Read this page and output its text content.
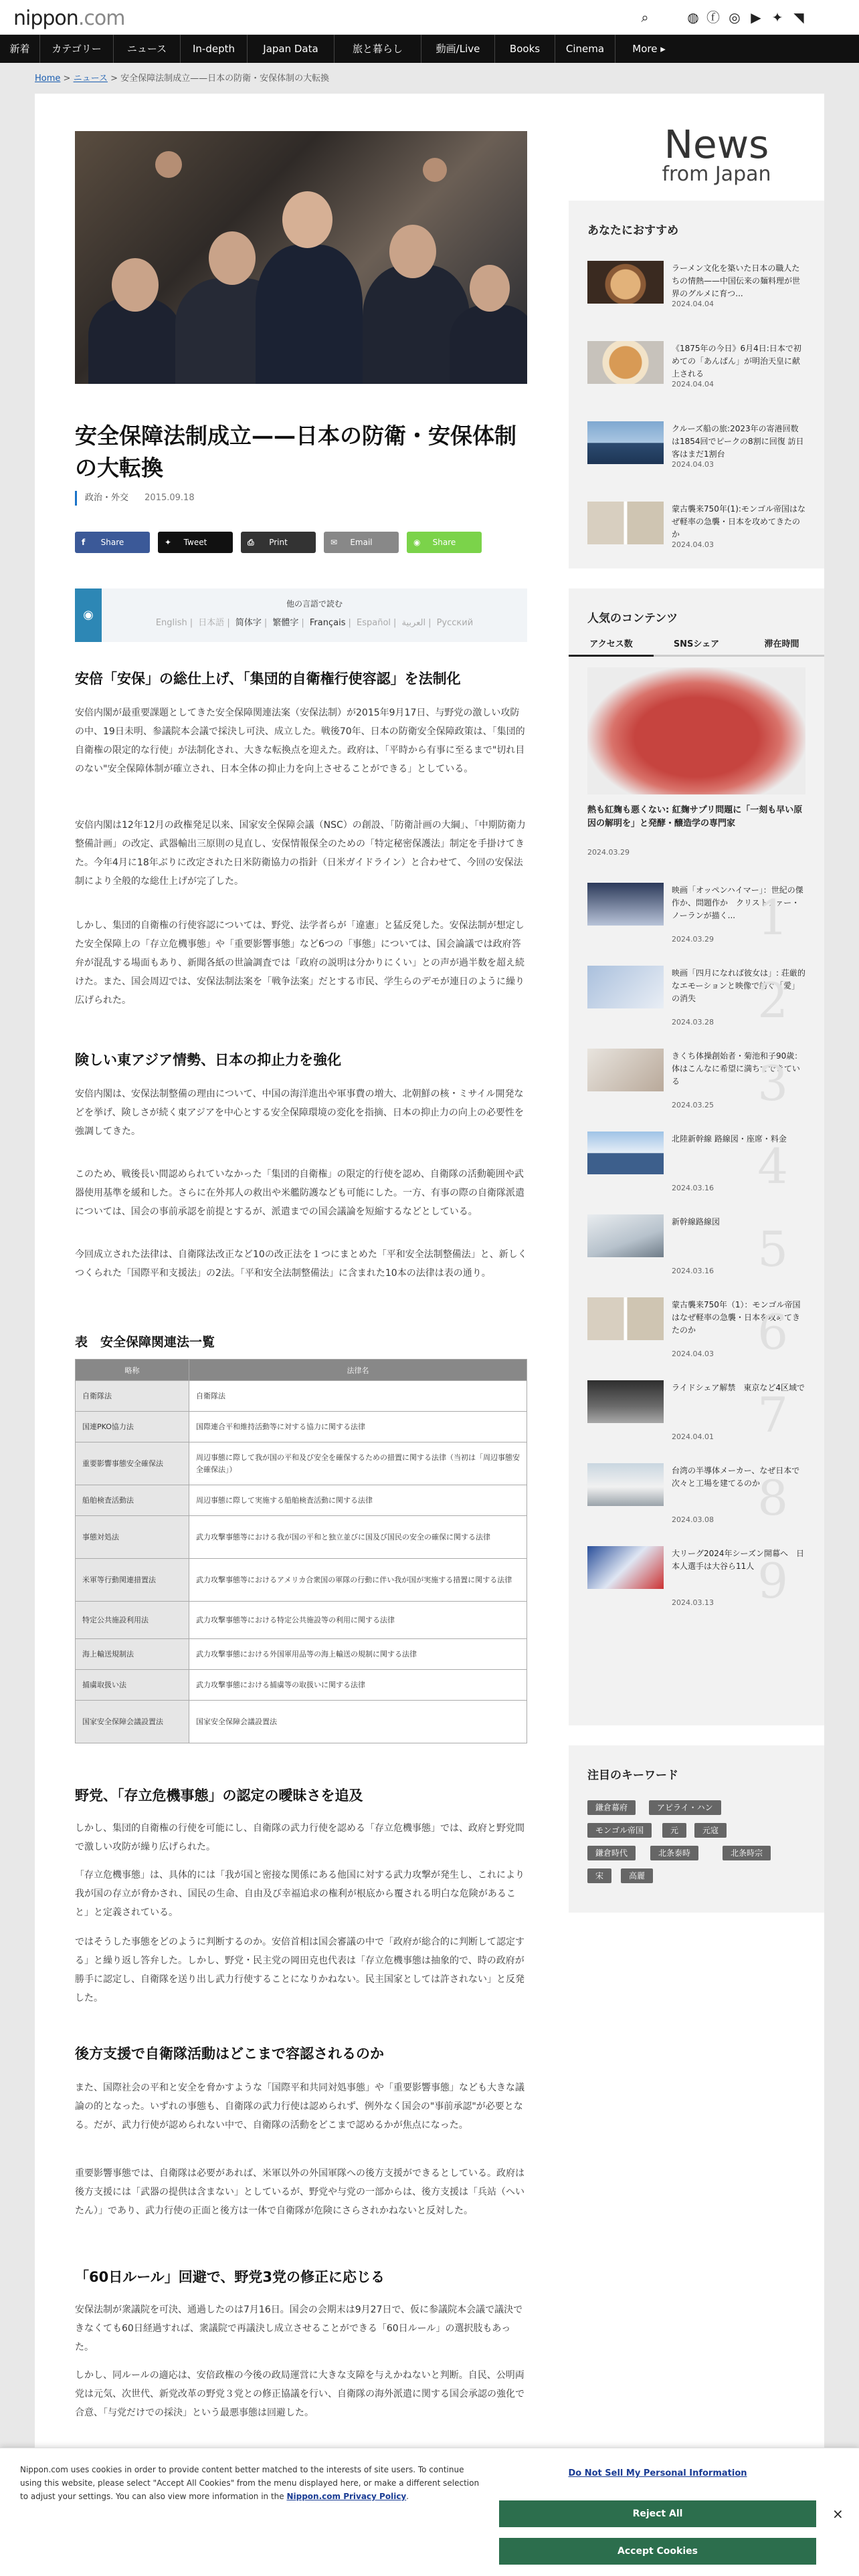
nippon.com	⌕	◍ ⓕ ◎ ▶ ✦ ◥
新着	カテゴリー	ニュース	In-depth	Japan Data	旅と暮らし	動画/Live	Books	Cinema	More ▸
Home > ニュース > 安全保障法制成立——日本の防衛・安保体制の大転換
安全保障法制成立——日本の防衛・安保体制の大転換
政治・外交 2015.09.18
f Share	✦ Tweet	⎙ Print	✉ Email	◉ Share
◉
他の言語で読む
English | 日本語 | 简体字 | 繁體字 | Français | Español | العربية | Русский
安倍「安保」の総仕上げ、「集団的自衛権行使容認」を法制化
安倍内閣が最重要課題としてきた安全保障関連法案（安保法制）が2015年9月17日、与野党の激しい攻防の中、19日未明、参議院本会議で採決し可決、成立した。戦後70年、日本の防衛安全保障政策は、「集団的自衛権の限定的な行使」が法制化され、大きな転換点を迎えた。政府は、「平時から有事に至るまで"切れ目のない"安全保障体制が確立され、日本全体の抑止力を向上させることができる」としている。
安倍内閣は12年12月の政権発足以来、国家安全保障会議（NSC）の創設、「防衛計画の大綱」、「中期防衛力整備計画」の改定、武器輸出三原則の見直し、安保情報保全のための「特定秘密保護法」制定を手掛けてきた。今年4月に18年ぶりに改定された日米防衛協力の指針（日米ガイドライン）と合わせて、今回の安保法制により全般的な総仕上げが完了した。
しかし、集団的自衛権の行使容認については、野党、法学者らが「違憲」と猛反発した。安保法制が想定した安全保障上の「存立危機事態」や「重要影響事態」など6つの「事態」については、国会論議では政府答弁が混乱する場面もあり、新聞各紙の世論調査では「政府の説明は分かりにくい」との声が過半数を超え続けた。また、国会周辺では、安保法制法案を「戦争法案」だとする市民、学生らのデモが連日のように繰り広げられた。
険しい東アジア情勢、日本の抑止力を強化
安倍内閣は、安保法制整備の理由について、中国の海洋進出や軍事費の増大、北朝鮮の核・ミサイル開発などを挙げ、険しさが続く東アジアを中心とする安全保障環境の変化を指摘、日本の抑止力の向上の必要性を強調してきた。
このため、戦後長い間認められていなかった「集団的自衛権」の限定的行使を認め、自衛隊の活動範囲や武器使用基準を緩和した。さらに在外邦人の救出や米艦防護なども可能にした。一方、有事の際の自衛隊派遣については、国会の事前承認を前提とするが、派遣までの国会議論を短縮するなどとしている。
今回成立された法律は、自衛隊法改正など10の改正法を１つにまとめた「平和安全法制整備法」と、新しくつくられた「国際平和支援法」の2法。「平和安全法制整備法」に含まれた10本の法律は表の通り。
表　安全保障関連法一覧
略称	法律名
自衛隊法	自衛隊法
国連PKO協力法	国際連合平和維持活動等に対する協力に関する法律
重要影響事態安全確保法	周辺事態に際して我が国の平和及び安全を確保するための措置に関する法律（当初は「周辺事態安全確保法」）
船舶検査活動法	周辺事態に際して実施する船舶検査活動に関する法律
事態対処法	武力攻撃事態等における我が国の平和と独立並びに国及び国民の安全の確保に関する法律
米軍等行動関連措置法	武力攻撃事態等におけるアメリカ合衆国の軍隊の行動に伴い我が国が実施する措置に関する法律
特定公共施設利用法	武力攻撃事態等における特定公共施設等の利用に関する法律
海上輸送規制法	武力攻撃事態における外国軍用品等の海上輸送の規制に関する法律
捕虜取扱い法	武力攻撃事態における捕虜等の取扱いに関する法律
国家安全保障会議設置法	国家安全保障会議設置法
野党、「存立危機事態」の認定の曖昧さを追及
しかし、集団的自衛権の行使を可能にし、自衛隊の武力行使を認める「存立危機事態」では、政府と野党間で激しい攻防が繰り広げられた。
「存立危機事態」は、具体的には「我が国と密接な関係にある他国に対する武力攻撃が発生し、これにより我が国の存立が脅かされ、国民の生命、自由及び幸福追求の権利が根底から覆される明白な危険があること」と定義されている。
ではそうした事態をどのように判断するのか。安倍首相は国会審議の中で「政府が総合的に判断して認定する」と繰り返し答弁した。しかし、野党・民主党の岡田克也代表は「存立危機事態は抽象的で、時の政府が勝手に認定し、自衛隊を送り出し武力行使することになりかねない。民主国家としては許されない」と反発した。
後方支援で自衛隊活動はどこまで容認されるのか
また、国際社会の平和と安全を脅かすような「国際平和共同対処事態」や「重要影響事態」なども大きな議論の的となった。いずれの事態も、自衛隊の武力行使は認められず、例外なく国会の"事前承認"が必要となる。だが、武力行使が認められない中で、自衛隊の活動をどこまで認めるかが焦点になった。
重要影響事態では、自衛隊は必要があれば、米軍以外の外国軍隊への後方支援ができるとしている。政府は後方支援には「武器の提供は含まない」としているが、野党や与党の一部からは、後方支援は「兵站（へいたん）」であり、武力行使の正面と後方は一体で自衛隊が危険にさらされかねないと反対した。
「60日ルール」回避で、野党3党の修正に応じる
安保法制が衆議院を可決、通過したのは7月16日。国会の会期末は9月27日で、仮に参議院本会議で議決できなくても60日経過すれば、衆議院で再議決し成立させることができる「60日ルール」の選択肢もあった。
しかし、同ルールの適応は、安倍政権の今後の政局運営に大きな支障を与えかねないと判断。自民、公明両党は元気、次世代、新党改革の野党３党との修正協議を行い、自衛隊の海外派遣に関する国会承認の強化で合意、「与党だけでの採決」という最悪事態は回避した。
News
from Japan
あなたにおすすめ
ラーメン文化を築いた日本の職人たちの情熱——中国伝来の麺料理が世界のグルメに育つ...
2024.04.04
《1875年の今日》6月4日:日本で初めての「あんぱん」が明治天皇に献上される
2024.04.04
クルーズ船の旅:2023年の寄港回数は1854回でピークの8割に回復 訪日客はまだ1割台
2024.04.03
蒙古襲来750年(1):モンゴル帝国はなぜ軽率の急襲・日本を攻めてきたのか
2024.04.03
人気のコンテンツ
アクセス数	SNSシェア	滞在時間
熱も紅麹も悪くない: 紅麹サプリ問題に「一刻も早い原因の解明を」と発酵・醸造学の専門家
2024.03.29
映画「オッペンハイマー」：世紀の傑作か、問題作か　クリストファー・ノーランが描く...
2024.03.29 1
映画「四月になれば彼女は」: 荘厳的なエモーションと映像で紡ぐ「愛」の消失
2024.03.28 2
きくち体操創始者・菊池和子90歳：体はこんなに希望に満ちてできている
2024.03.25 3
北陸新幹線 路線図・座席・料金
2024.03.16 4
新幹線路線図
2024.03.16 5
蒙古襲来750年（1）：モンゴル帝国はなぜ軽率の急襲・日本を攻めてきたのか
2024.04.03 6
ライドシェア解禁　東京など4区域で
2024.04.01 7
台湾の半導体メーカー、なぜ日本で次々と工場を建てるのか
2024.03.08 8
大リーグ2024年シーズン開幕へ　日本人選手は大谷ら11人
2024.03.13 9
注目のキーワード
鎌倉幕府	アピライ・ハン
モンゴル帝国	元	元寇
鎌倉時代	北条泰時	北条時宗
宋	高麗
Nippon.com uses cookies in order to provide content better matched to the interests of site users. To continue using this website, please select "Accept All Cookies" from the menu displayed here, or make a different selection to adjust your settings. You can also view more information in the Nippon.com Privacy Policy.
Do Not Sell My Personal Information
Reject All
Accept Cookies
×
